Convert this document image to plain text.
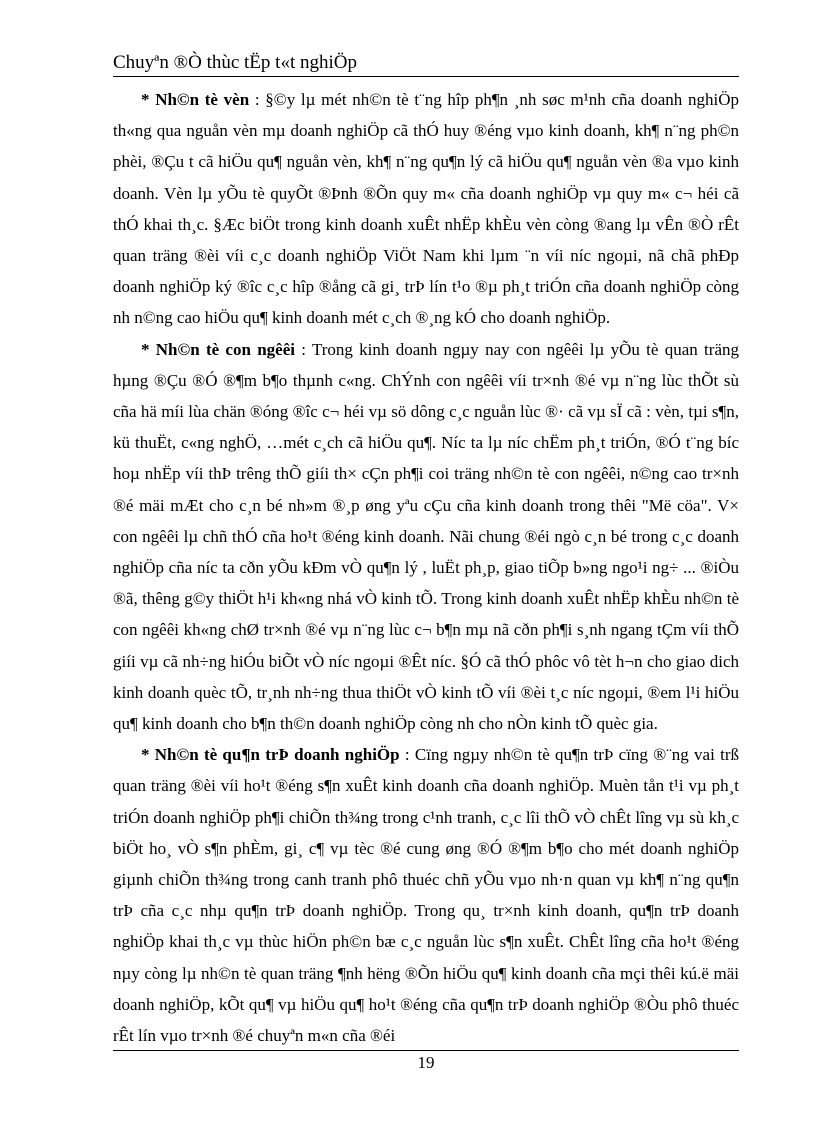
Chuyªn ®Ò thùc tËp t«t nghiÖp

* Nh©n tè vèn : §©y lµ mét nh©n tè t¨ng hîp ph¶n ¸nh søc m¹nh cña doanh nghiÖp th«ng qua nguån vèn mµ doanh nghiÖp cã thÓ huy ®éng vµo kinh doanh, kh¶ n¨ng ph©n phèi, ®Çu t cã hiÖu qu¶ nguån vèn, kh¶ n¨ng qu¶n lý cã hiÖu qu¶ nguån vèn ®a vµo kinh doanh. Vèn lµ yÕu tè quyÕt ®Þnh ®Õn quy m« cña doanh nghiÖp vµ quy m« c¬ héi cã thÓ khai th¸c. §Æc biÖt trong kinh doanh xuÊt nhËp khÈu vèn còng ®ang lµ vÊn ®Ò rÊt quan träng ®èi víi c¸c doanh nghiÖp ViÖt Nam khi lµm ¨n víi níc ngoµi, nã chã phÐp doanh nghiÖp ký ®îc c¸c hîp ®ång cã gi¸ trÞ lín t¹o ®µ ph¸t triÓn cña doanh nghiÖp còng nh n©ng cao hiÖu qu¶ kinh doanh mét c¸ch ®¸ng kÓ cho doanh nghiÖp.

* Nh©n tè con ngêêi : Trong kinh doanh ngµy nay con ngêêi lµ yÕu tè quan träng hµng ®Çu ®Ó ®¶m b¶o thµnh c«ng. ChÝnh con ngêêi víi tr×nh ®é vµ n¨ng lùc thÕt sù cña hä míi lùa chän ®óng ®îc c¬ héi vµ sö dông c¸c nguån lùc ®· cã vµ sÏ cã : vèn, tµi s¶n, kü thuËt, c«ng nghÖ, …mét c¸ch cã hiÖu qu¶. Níc ta lµ níc chËm ph¸t triÓn, ®Ó t¨ng bíc hoµ nhËp víi thÞ trêng thÕ giíi th× cÇn ph¶i coi träng nh©n tè con ngêêi, n©ng cao tr×nh ®é mäi mÆt cho c¸n bé nh»m ®¸p øng yªu cÇu cña kinh doanh trong thêi "Më cöa". V× con ngêêi lµ chñ thÓ cña ho¹t ®éng kinh doanh. Nãi chung ®éi ngò c¸n bé trong c¸c doanh nghiÖp cña níc ta cðn yÕu kÐm vÒ qu¶n lý , luËt ph¸p, giao tiÕp b»ng ngo¹i ng÷ ... ®iÒu ®ã, thêng g©y thiÖt h¹i kh«ng nhá vÒ kinh tÕ. Trong kinh doanh xuÊt nhËp khÈu nh©n tè con ngêêi kh«ng chØ tr×nh ®é vµ n¨ng lùc c¬ b¶n mµ nã cðn ph¶i s¸nh ngang tÇm víi thÕ giíi vµ cã nh÷ng hiÓu biÕt vÒ níc ngoµi ®Êt níc. §Ó cã thÓ phôc vô tèt h¬n cho giao dich kinh doanh quèc tÕ, tr¸nh nh÷ng thua thiÖt vÒ kinh tÕ víi ®èi t¸c níc ngoµi, ®em l¹i hiÖu qu¶ kinh doanh cho b¶n th©n doanh nghiÖp còng nh cho nÒn kinh tÕ quèc gia.

* Nh©n tè qu¶n trÞ doanh nghiÖp : Cïng ngµy nh©n tè qu¶n trÞ cïng ®¨ng vai trß quan träng ®èi víi ho¹t ®éng s¶n xuÊt kinh doanh cña doanh nghiÖp. Muèn tån t¹i vµ ph¸t triÓn doanh nghiÖp ph¶i chiÕn th¾ng trong c¹nh tranh, c¸c lîi thÕ vÒ chÊt lîng vµ sù kh¸c biÖt ho¸ vÒ s¶n phÈm, gi¸ c¶ vµ tèc ®é cung øng ®Ó ®¶m b¶o cho mét doanh nghiÖp giµnh chiÕn th¾ng trong canh tranh phô thuéc chñ yÕu vµo nh·n quan vµ kh¶ n¨ng qu¶n trÞ cña c¸c nhµ qu¶n trÞ doanh nghiÖp. Trong qu¸ tr×nh kinh doanh, qu¶n trÞ doanh nghiÖp khai th¸c vµ thùc hiÖn ph©n bæ c¸c nguån lùc s¶n xuÊt. ChÊt lîng cña ho¹t ®éng nµy còng lµ nh©n tè quan träng ¶nh hëng ®Õn hiÖu qu¶ kinh doanh cña mçi thêi kú.ë mäi doanh nghiÖp, kÕt qu¶ vµ hiÖu qu¶ ho¹t ®éng cña qu¶n trÞ doanh nghiÖp ®Òu phô thuéc rÊt lín vµo tr×nh ®é chuyªn m«n cña ®éi

19
